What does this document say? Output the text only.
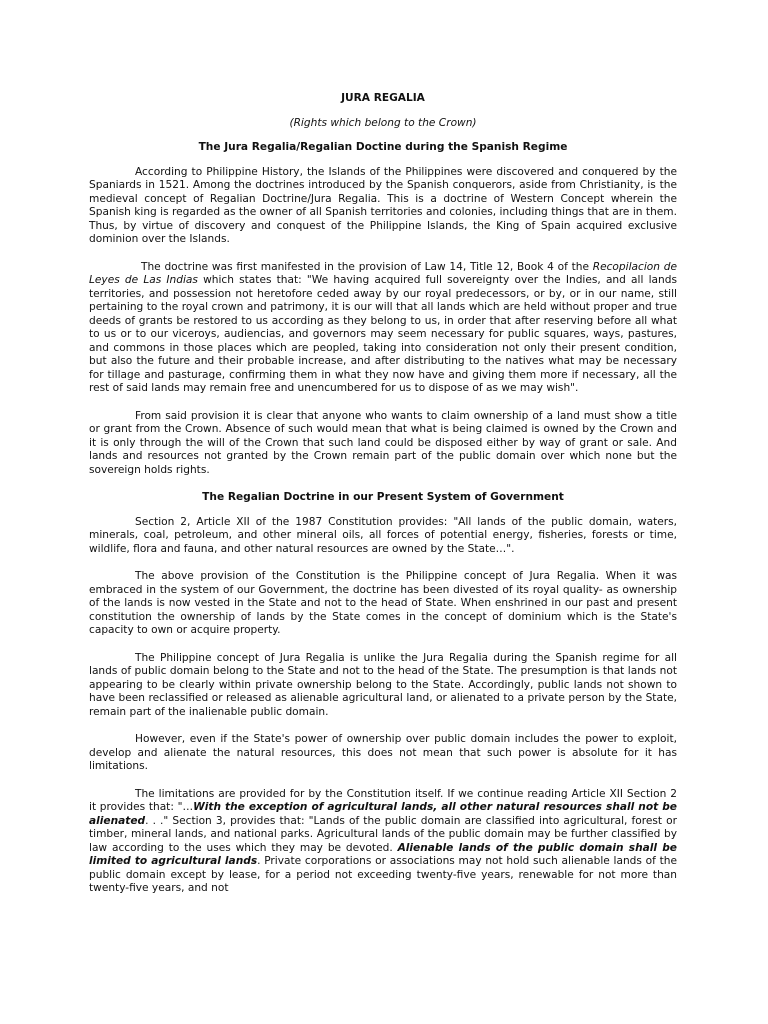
JURA REGALIA
(Rights which belong to the Crown)
The Jura Regalia/Regalian Doctine during the Spanish Regime

According to Philippine History, the Islands of the Philippines were discovered and conquered by the Spaniards in 1521. Among the doctrines introduced by the Spanish conquerors, aside from Christianity, is the medieval concept of Regalian Doctrine/Jura Regalia. This is a doctrine of Western Concept wherein the Spanish king is regarded as the owner of all Spanish territories and colonies, including things that are in them. Thus, by virtue of discovery and conquest of the Philippine Islands, the King of Spain acquired exclusive dominion over the Islands.

The doctrine was first manifested in the provision of Law 14, Title 12, Book 4 of the Recopilacion de Leyes de Las Indias which states that: "We having acquired full sovereignty over the Indies, and all lands territories, and possession not heretofore ceded away by our royal predecessors, or by, or in our name, still pertaining to the royal crown and patrimony, it is our will that all lands which are held without proper and true deeds of grants be restored to us according as they belong to us, in order that after reserving before all what to us or to our viceroys, audiencias, and governors may seem necessary for public squares, ways, pastures, and commons in those places which are peopled, taking into consideration not only their present condition, but also the future and their probable increase, and after distributing to the natives what may be necessary for tillage and pasturage, confirming them in what they now have and giving them more if necessary, all the rest of said lands may remain free and unencumbered for us to dispose of as we may wish".

From said provision it is clear that anyone who wants to claim ownership of a land must show a title or grant from the Crown. Absence of such would mean that what is being claimed is owned by the Crown and it is only through the will of the Crown that such land could be disposed either by way of grant or sale. And lands and resources not granted by the Crown remain part of the public domain over which none but the sovereign holds rights.

The Regalian Doctrine in our Present System of Government

Section 2, Article XII of the 1987 Constitution provides: "All lands of the public domain, waters, minerals, coal, petroleum, and other mineral oils, all forces of potential energy, fisheries, forests or time, wildlife, flora and fauna, and other natural resources are owned by the State…".

The above provision of the Constitution is the Philippine concept of Jura Regalia. When it was embraced in the system of our Government, the doctrine has been divested of its royal quality- as ownership of the lands is now vested in the State and not to the head of State. When enshrined in our past and present constitution the ownership of lands by the State comes in the concept of dominium which is the State's capacity to own or acquire property.

The Philippine concept of Jura Regalia is unlike the Jura Regalia during the Spanish regime for all lands of public domain belong to the State and not to the head of the State. The presumption is that lands not appearing to be clearly within private ownership belong to the State. Accordingly, public lands not shown to have been reclassified or released as alienable agricultural land, or alienated to a private person by the State, remain part of the inalienable public domain.

However, even if the State's power of ownership over public domain includes the power to exploit, develop and alienate the natural resources, this does not mean that such power is absolute for it has limitations.

The limitations are provided for by the Constitution itself. If we continue reading Article XII Section 2 it provides that: "…With the exception of agricultural lands, all other natural resources shall not be alienated. . ." Section 3, provides that: "Lands of the public domain are classified into agricultural, forest or timber, mineral lands, and national parks. Agricultural lands of the public domain may be further classified by law according to the uses which they may be devoted. Alienable lands of the public domain shall be limited to agricultural lands. Private corporations or associations may not hold such alienable lands of the public domain except by lease, for a period not exceeding twenty-five years, renewable for not more than twenty-five years, and not
